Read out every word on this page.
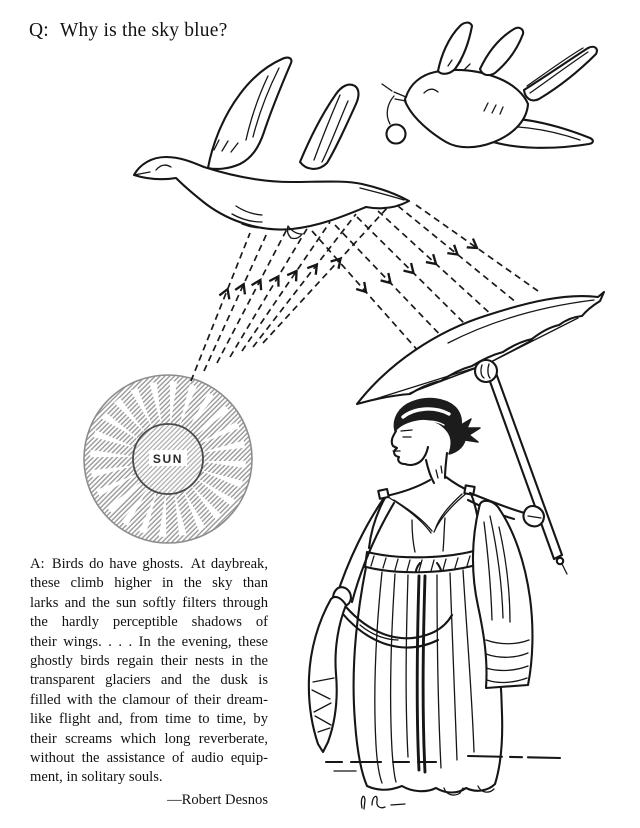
Q: Why is the sky blue?
SUN
A: Birds do have ghosts. At daybreak,
these climb higher in the sky than
larks and the sun softly filters through
the hardly perceptible shadows of
their wings. . . . In the evening, these
ghostly birds regain their nests in the
transparent glaciers and the dusk is
filled with the clamour of their dream-
like flight and, from time to time, by
their screams which long reverberate,
without the assistance of audio equip-
ment, in solitary souls.
—Robert Desnos
